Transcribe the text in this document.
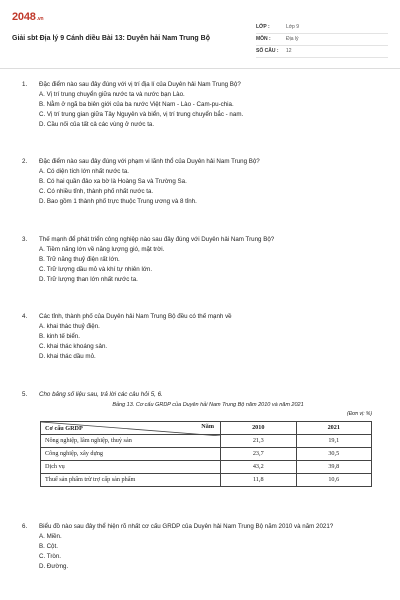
2048.vn
Giải sbt Địa lý 9 Cánh diều Bài 13: Duyên hải Nam Trung Bộ
LỚP :	Lớp 9
MÔN :	Địa lý
SỐ CÂU :	12
1.	Đặc điểm nào sau đây đúng với vị trí địa lí của Duyên hải Nam Trung Bộ?
A. Vị trí trung chuyển giữa nước ta và nước bạn Lào.
B. Nằm ở ngã ba biên giới của ba nước Việt Nam - Lào - Cam-pu-chia.
C. Vị trí trung gian giữa Tây Nguyên và biển, vị trí trung chuyển bắc - nam.
D. Cầu nối của tất cả các vùng ở nước ta.
2.	Đặc điểm nào sau đây đúng với phạm vi lãnh thổ của Duyên hải Nam Trung Bộ?
A. Có diện tích lớn nhất nước ta.
B. Có hai quần đảo xa bờ là Hoàng Sa và Trường Sa.
C. Có nhiều tỉnh, thành phố nhất nước ta.
D. Bao gồm 1 thành phố trực thuộc Trung ương và 8 tỉnh.
3.	Thế mạnh để phát triển công nghiệp nào sau đây đúng với Duyên hải Nam Trung Bộ?
A. Tiềm năng lớn về năng lượng gió, mặt trời.
B. Trữ năng thuỷ điện rất lớn.
C. Trữ lượng dầu mỏ và khí tự nhiên lớn.
D. Trữ lượng than lớn nhất nước ta.
4.	Các tỉnh, thành phố của Duyên hải Nam Trung Bộ đều có thế mạnh về
A. khai thác thuỷ điện.
B. kinh tế biển.
C. khai thác khoáng sản.
D. khai thác dầu mỏ.
5.	Cho bảng số liệu sau, trả lời các câu hỏi 5, 6.
Bảng 13. Cơ cấu GRDP của Duyên hải Nam Trung Bộ năm 2010 và năm 2021
(Đơn vị: %)
Cơ cấu GRDP Năm	2010	2021
Nông nghiệp, lâm nghiệp, thuỷ sản	21,3	19,1
Công nghiệp, xây dựng	23,7	30,5
Dịch vụ	43,2	39,8
Thuế sản phẩm trừ trợ cấp sản phẩm	11,8	10,6
6.	Biểu đồ nào sau đây thể hiện rõ nhất cơ cấu GRDP của Duyên hải Nam Trung Bộ năm 2010 và năm 2021?
A. Miền.
B. Cột.
C. Tròn.
D. Đường.
